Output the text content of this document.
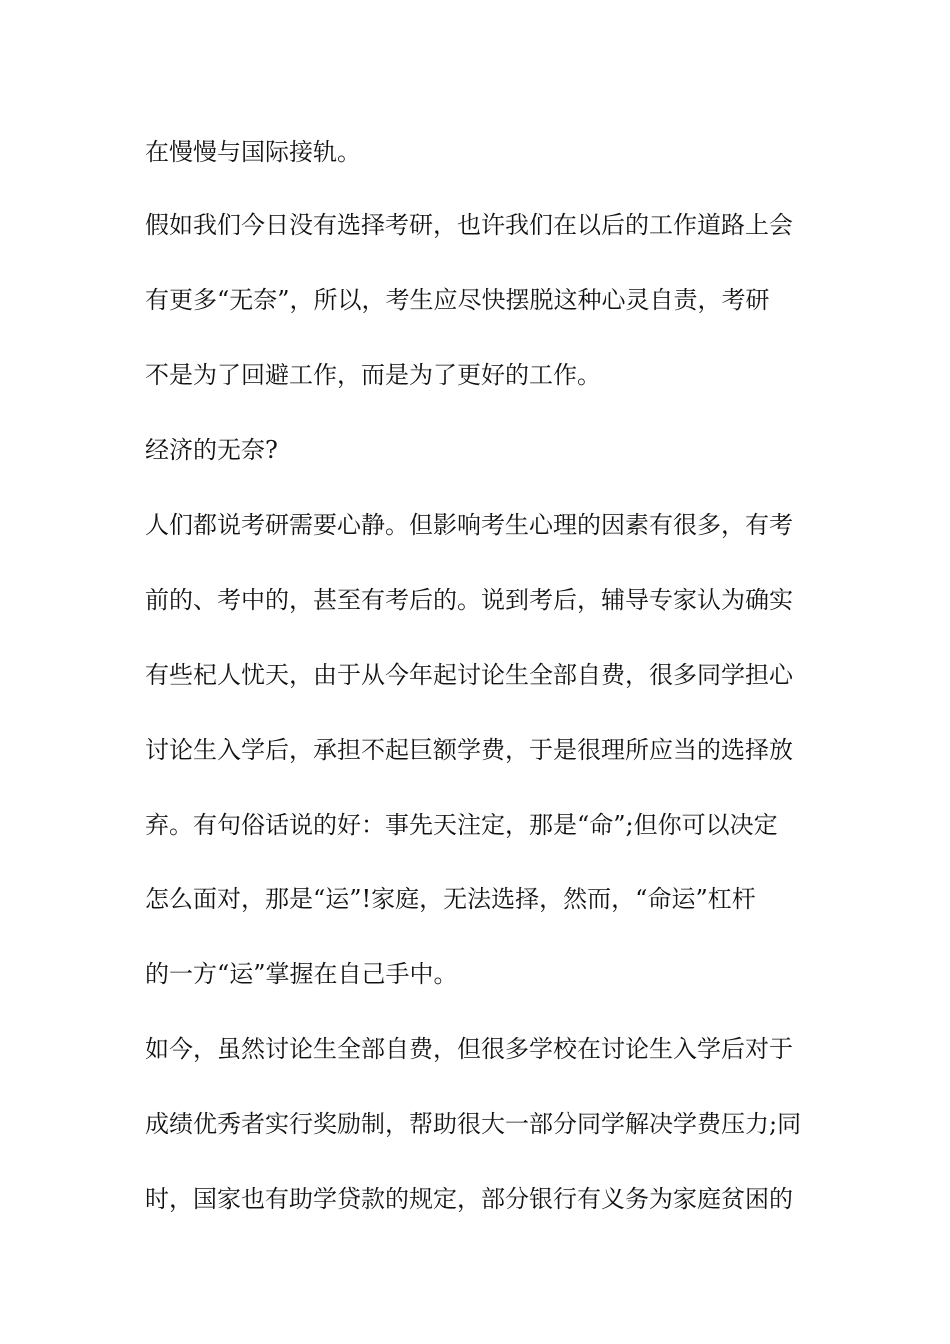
在慢慢与国际接轨。
假如我们今日没有选择考研，也许我们在以后的工作道路上会
有更多“无奈”，所以，考生应尽快摆脱这种心灵自责，考研
不是为了回避工作，而是为了更好的工作。
经济的无奈?
人们都说考研需要心静。但影响考生心理的因素有很多，有考
前的、考中的，甚至有考后的。说到考后，辅导专家认为确实
有些杞人忧天，由于从今年起讨论生全部自费，很多同学担心
讨论生入学后，承担不起巨额学费，于是很理所应当的选择放
弃。有句俗话说的好：事先天注定，那是“命”;但你可以决定
怎么面对，那是“运”!家庭，无法选择，然而，“命运”杠杆
的一方“运”掌握在自己手中。
如今，虽然讨论生全部自费，但很多学校在讨论生入学后对于
成绩优秀者实行奖励制，帮助很大一部分同学解决学费压力;同
时，国家也有助学贷款的规定，部分银行有义务为家庭贫困的
